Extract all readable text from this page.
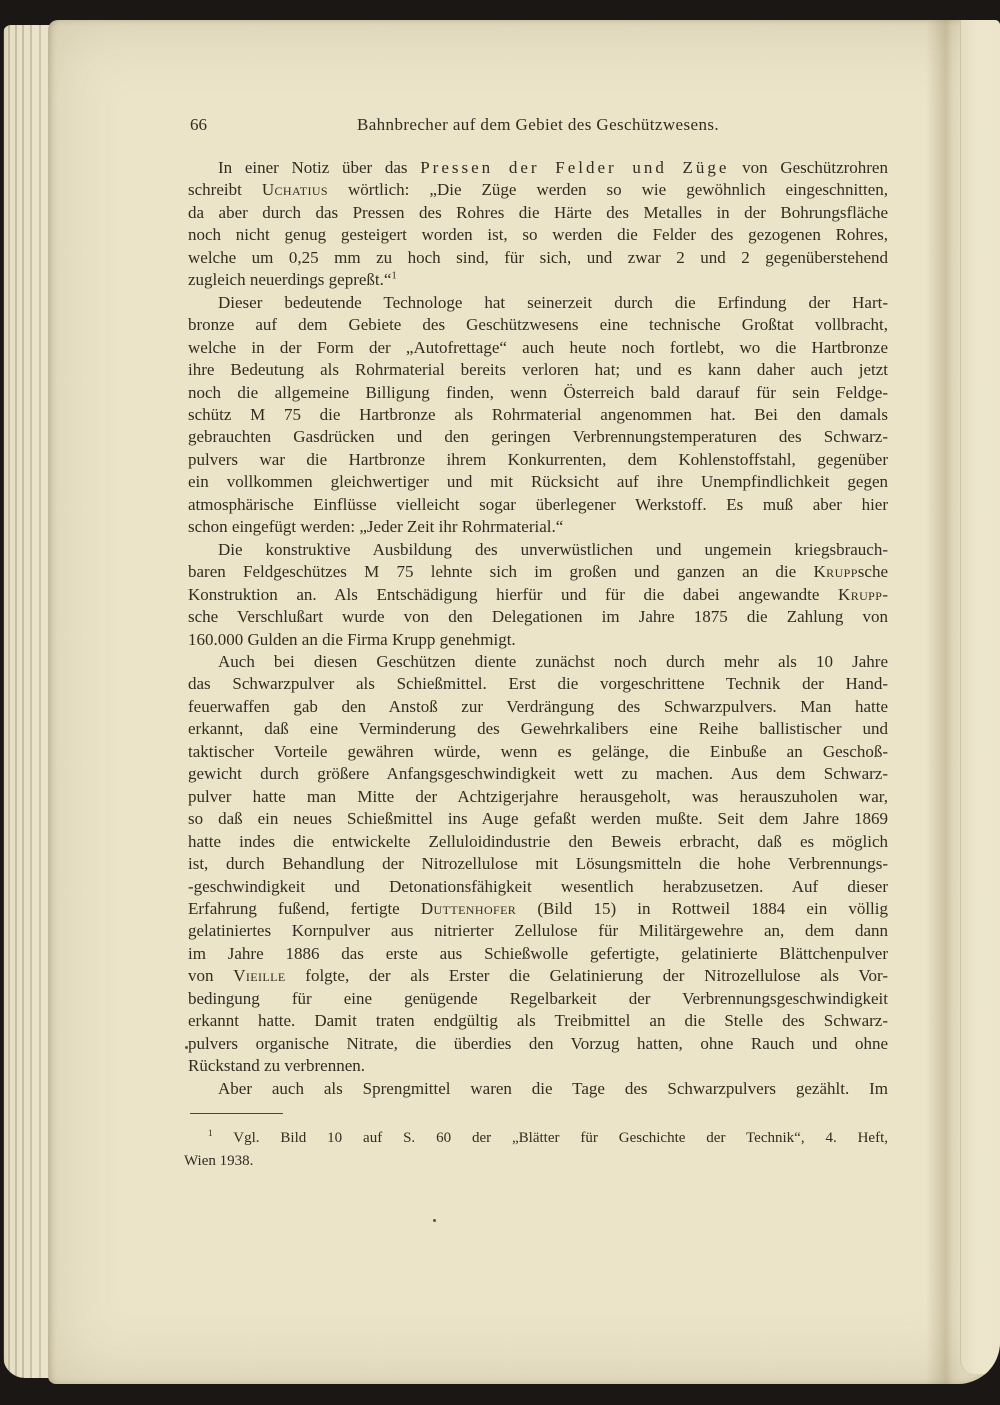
66	Bahnbrecher auf dem Gebiet des Geschützwesens.
In einer Notiz über das Pressen der Felder und Züge von Geschützrohren
schreibt Uchatius wörtlich: „Die Züge werden so wie gewöhnlich eingeschnitten,
da aber durch das Pressen des Rohres die Härte des Metalles in der Bohrungsfläche
noch nicht genug gesteigert worden ist, so werden die Felder des gezogenen Rohres,
welche um 0,25 mm zu hoch sind, für sich, und zwar 2 und 2 gegenüberstehend
zugleich neuerdings gepreßt.“$^1$
Dieser bedeutende Technologe hat seinerzeit durch die Erfindung der Hart-
bronze auf dem Gebiete des Geschützwesens eine technische Großtat vollbracht,
welche in der Form der „Autofrettage“ auch heute noch fortlebt, wo die Hartbronze
ihre Bedeutung als Rohrmaterial bereits verloren hat; und es kann daher auch jetzt
noch die allgemeine Billigung finden, wenn Österreich bald darauf für sein Feldge-
schütz M 75 die Hartbronze als Rohrmaterial angenommen hat. Bei den damals
gebrauchten Gasdrücken und den geringen Verbrennungstemperaturen des Schwarz-
pulvers war die Hartbronze ihrem Konkurrenten, dem Kohlenstoffstahl, gegenüber
ein vollkommen gleichwertiger und mit Rücksicht auf ihre Unempfindlichkeit gegen
atmosphärische Einflüsse vielleicht sogar überlegener Werkstoff. Es muß aber hier
schon eingefügt werden: „Jeder Zeit ihr Rohrmaterial.“
Die konstruktive Ausbildung des unverwüstlichen und ungemein kriegsbrauch-
baren Feldgeschützes M 75 lehnte sich im großen und ganzen an die Kruppsche
Konstruktion an. Als Entschädigung hierfür und für die dabei angewandte Krupp-
sche Verschlußart wurde von den Delegationen im Jahre 1875 die Zahlung von
160.000 Gulden an die Firma Krupp genehmigt.
Auch bei diesen Geschützen diente zunächst noch durch mehr als 10 Jahre
das Schwarzpulver als Schießmittel. Erst die vorgeschrittene Technik der Hand-
feuerwaffen gab den Anstoß zur Verdrängung des Schwarzpulvers. Man hatte
erkannt, daß eine Verminderung des Gewehrkalibers eine Reihe ballistischer und
taktischer Vorteile gewähren würde, wenn es gelänge, die Einbuße an Geschoß-
gewicht durch größere Anfangsgeschwindigkeit wett zu machen. Aus dem Schwarz-
pulver hatte man Mitte der Achtzigerjahre herausgeholt, was herauszuholen war,
so daß ein neues Schießmittel ins Auge gefaßt werden mußte. Seit dem Jahre 1869
hatte indes die entwickelte Zelluloidindustrie den Beweis erbracht, daß es möglich
ist, durch Behandlung der Nitrozellulose mit Lösungsmitteln die hohe Verbrennungs-
-geschwindigkeit und Detonationsfähigkeit wesentlich herabzusetzen. Auf dieser
Erfahrung fußend, fertigte Duttenhofer (Bild 15) in Rottweil 1884 ein völlig
gelatiniertes Kornpulver aus nitrierter Zellulose für Militärgewehre an, dem dann
im Jahre 1886 das erste aus Schießwolle gefertigte, gelatinierte Blättchenpulver
von Vieille folgte, der als Erster die Gelatinierung der Nitrozellulose als Vor-
bedingung für eine genügende Regelbarkeit der Verbrennungsgeschwindigkeit
erkannt hatte. Damit traten endgültig als Treibmittel an die Stelle des Schwarz-
pulvers organische Nitrate, die überdies den Vorzug hatten, ohne Rauch und ohne
Rückstand zu verbrennen.
Aber auch als Sprengmittel waren die Tage des Schwarzpulvers gezählt. Im
$^1$ Vgl. Bild 10 auf S. 60 der „Blätter für Geschichte der Technik“, 4. Heft,
Wien 1938.
